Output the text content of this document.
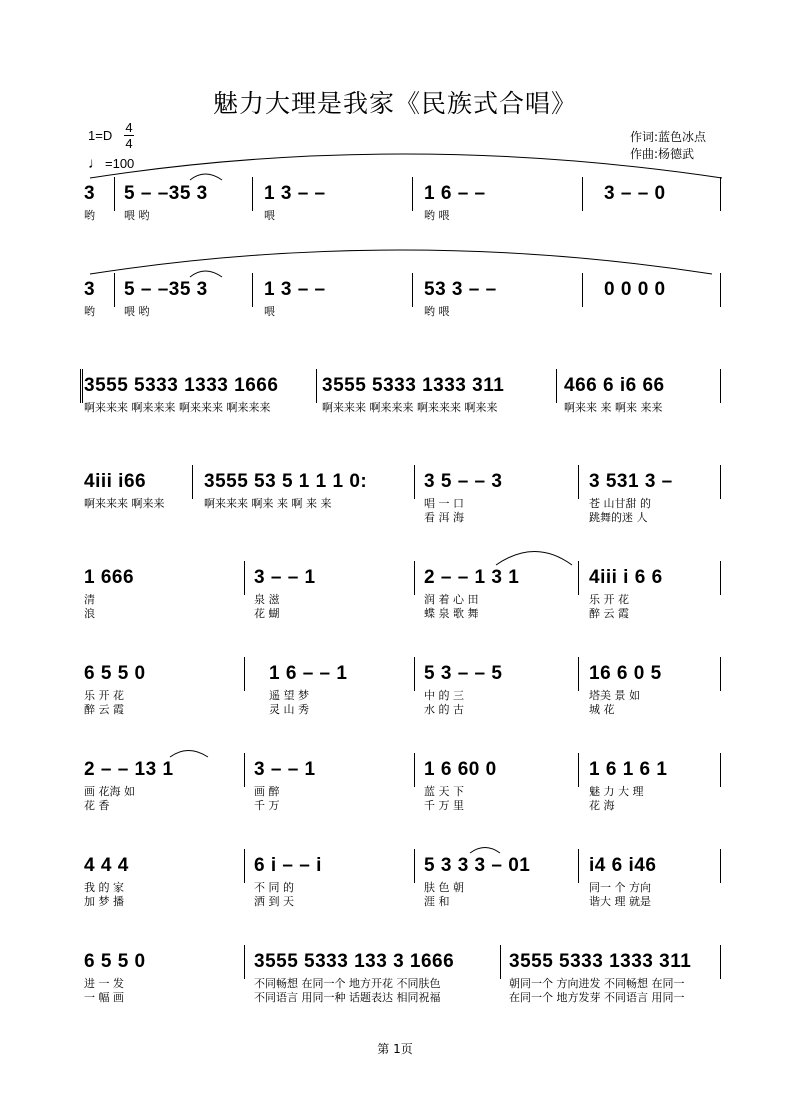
魅力大理是我家《民族式合唱》
1=D
4
4
♩ =100
作词:蓝色冰点
作曲:杨德武
3
哟
5 – –35 3
喂 哟
1 3 – –
喂
1 6 – –
哟 喂
3 – – 0
3
哟
5 – –35 3
喂 哟
1 3 – –
喂
53 3 – –
哟 喂
0 0 0 0
3555 5333 1333 1666
啊来来来 啊来来来 啊来来来 啊来来来
3555 5333 1333 311
啊来来来 啊来来来 啊来来来 啊来来
466 6 i6 66
啊来来 来 啊来 来来
4iii i66
啊来来来 啊来来
3555 53 5 1 1 1 0:
啊来来来 啊来 来 啊 来 来
3 5 – – 3
唱 一 口
看 洱 海
3 531 3 –
苍 山甘甜 的
跳舞的迷 人
1 666
清
浪
3 – – 1
泉 滋
花 蝴
2 – – 1 3 1
润 着 心 田
蝶 泉 歌 舞
4iii i 6 6
乐 开 花
醉 云 霞
6 5 5 0
乐 开 花
醉 云 霞
1 6 – – 1
遥 望 梦
灵 山 秀
5 3 – – 5
中 的 三
水 的 古
16 6 0 5
塔美 景 如
城 花
2 – – 13 1
画 花海 如
花 香
3 – – 1
画 醉
千 万
1 6 60 0
蓝 天 下
千 万 里
1 6 1 6 1
魅 力 大 理
花 海
4 4 4
我 的 家
加 梦 播
6 i – – i
不 同 的
洒 到 天
5 3 3 3 – 01
肤 色 朝
涯 和
i4 6 i46
同一 个 方向
谐大 理 就是
6 5 5 0
进 一 发
一 幅 画
3555 5333 133 3 1666
不同畅想 在同一个 地方开花 不同肤色
不同语言 用同一种 话题表达 相同祝福
3555 5333 1333 311
朝同一个 方向进发 不同畅想 在同一
在同一个 地方发芽 不同语言 用同一
第 1页
